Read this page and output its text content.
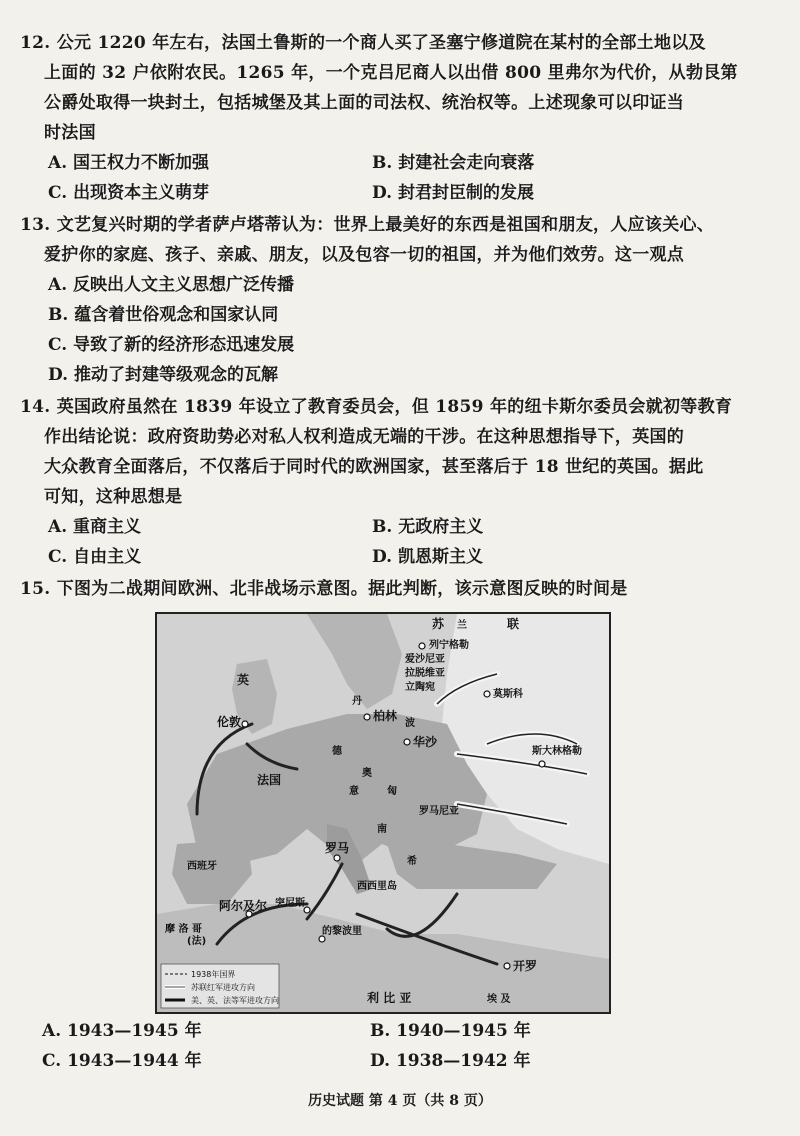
12. 公元 1220 年左右，法国土鲁斯的一个商人买了圣塞宁修道院在某村的全部土地以及
上面的 32 户依附农民。1265 年，一个克吕尼商人以出借 800 里弗尔为代价，从勃艮第
公爵处取得一块封土，包括城堡及其上面的司法权、统治权等。上述现象可以印证当
时法国
A. 国王权力不断加强	B. 封建社会走向衰落
C. 出现资本主义萌芽	D. 封君封臣制的发展
13. 文艺复兴时期的学者萨卢塔蒂认为：世界上最美好的东西是祖国和朋友，人应该关心、
爱护你的家庭、孩子、亲戚、朋友，以及包容一切的祖国，并为他们效劳。这一观点
A. 反映出人文主义思想广泛传播
B. 蕴含着世俗观念和国家认同
C. 导致了新的经济形态迅速发展
D. 推动了封建等级观念的瓦解
14. 英国政府虽然在 1839 年设立了教育委员会，但 1859 年的纽卡斯尔委员会就初等教育
作出结论说：政府资助势必对私人权利造成无端的干涉。在这种思想指导下，英国的
大众教育全面落后，不仅落后于同时代的欧洲国家，甚至落后于 18 世纪的英国。据此
可知，这种思想是
A. 重商主义	B. 无政府主义
C. 自由主义	D. 凯恩斯主义
15. 下图为二战期间欧洲、北非战场示意图。据此判断，该示意图反映的时间是
苏	联
兰
列宁格勒
莫斯科
斯大林格勒
柏林
华沙
伦敦
英
法国
意
罗马
波
丹
拉脱维亚
立陶宛
爱沙尼亚
罗马尼亚
匈
奥
德
南
希
西西里岛
突尼斯
阿尔及尔
摩 洛 哥
(法)
的黎波里
开罗
利 比 亚	埃 及
西班牙
1938年国界
苏联红军进攻方向
美、英、法等军进攻方向
A. 1943—1945 年	B. 1940—1945 年
C. 1943—1944 年	D. 1938—1942 年
历史试题 第 4 页（共 8 页）
